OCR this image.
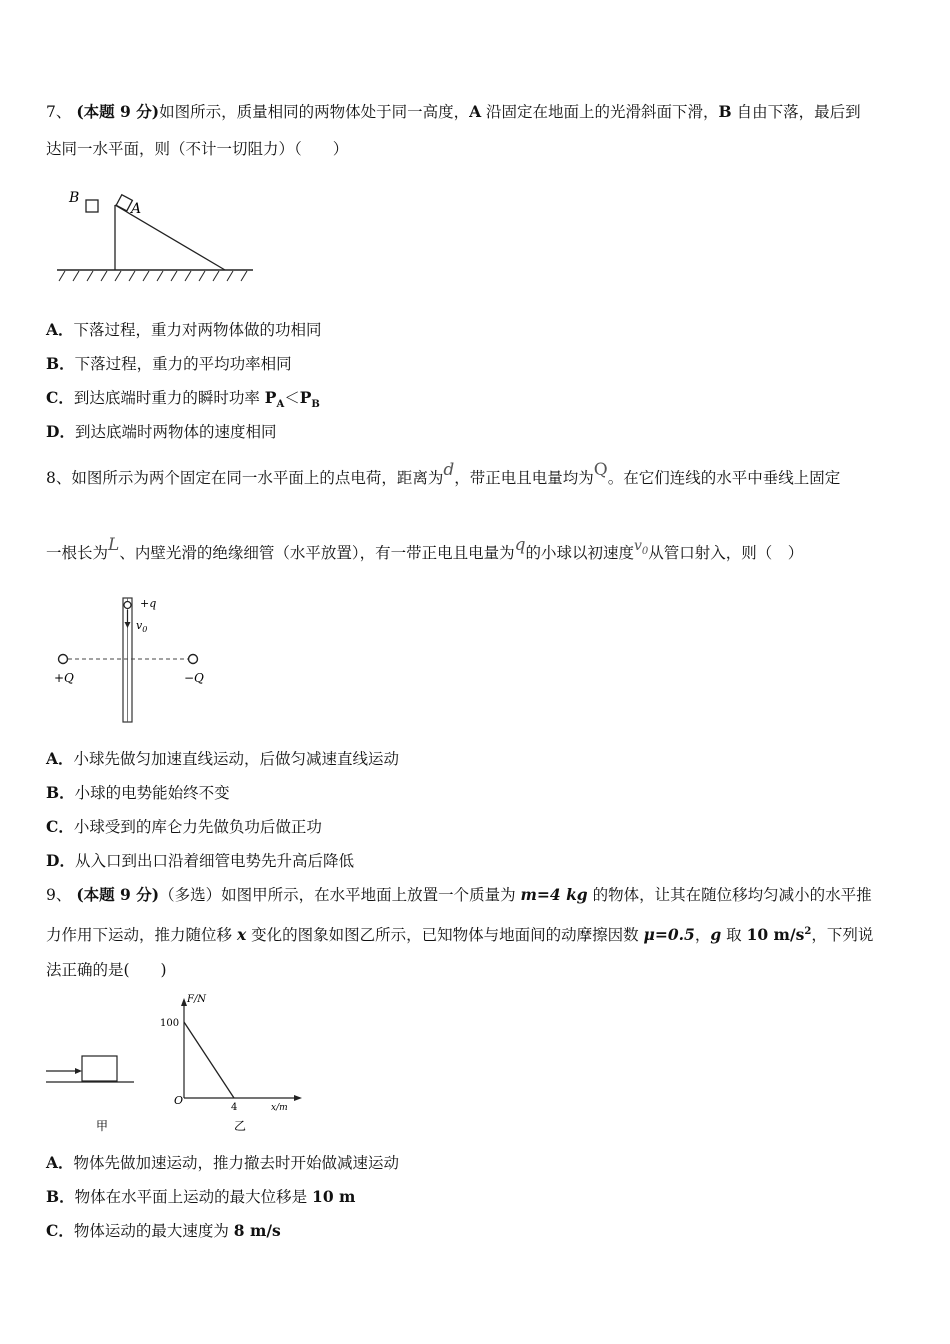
7、 (本题 9 分)如图所示，质量相同的两物体处于同一高度，A 沿固定在地面上的光滑斜面下滑，B 自由下落，最后到
达同一水平面，则（不计一切阻力）（　　）
B
A
A．下落过程，重力对两物体做的功相同
B．下落过程，重力的平均功率相同
C．到达底端时重力的瞬时功率 $P_A<P_B$
D．到达底端时两物体的速度相同
8、如图所示为两个固定在同一水平面上的点电荷，距离为d，带正电且电量均为Q。在它们连线的水平中垂线上固定
一根长为L、内壁光滑的绝缘细管（水平放置），有一带正电且电量为q的小球以初速度$v_0$从管口射入，则（　）
+q
$v_0$
+Q	−Q
A．小球先做匀加速直线运动，后做匀减速直线运动
B．小球的电势能始终不变
C．小球受到的库仑力先做负功后做正功
D．从入口到出口沿着细管电势先升高后降低
9、 (本题 9 分)（多选）如图甲所示，在水平地面上放置一个质量为 m=4 kg 的物体，让其在随位移均匀减小的水平推
力作用下运动，推力随位移 x 变化的图象如图乙所示，已知物体与地面间的动摩擦因数 μ=0.5，g 取 10 $m/s^2$，下列说
法正确的是(　　)
甲
F/N
100
O
4	x/m
乙
A．物体先做加速运动，推力撤去时开始做减速运动
B．物体在水平面上运动的最大位移是 10 m
C．物体运动的最大速度为 8 m/s
